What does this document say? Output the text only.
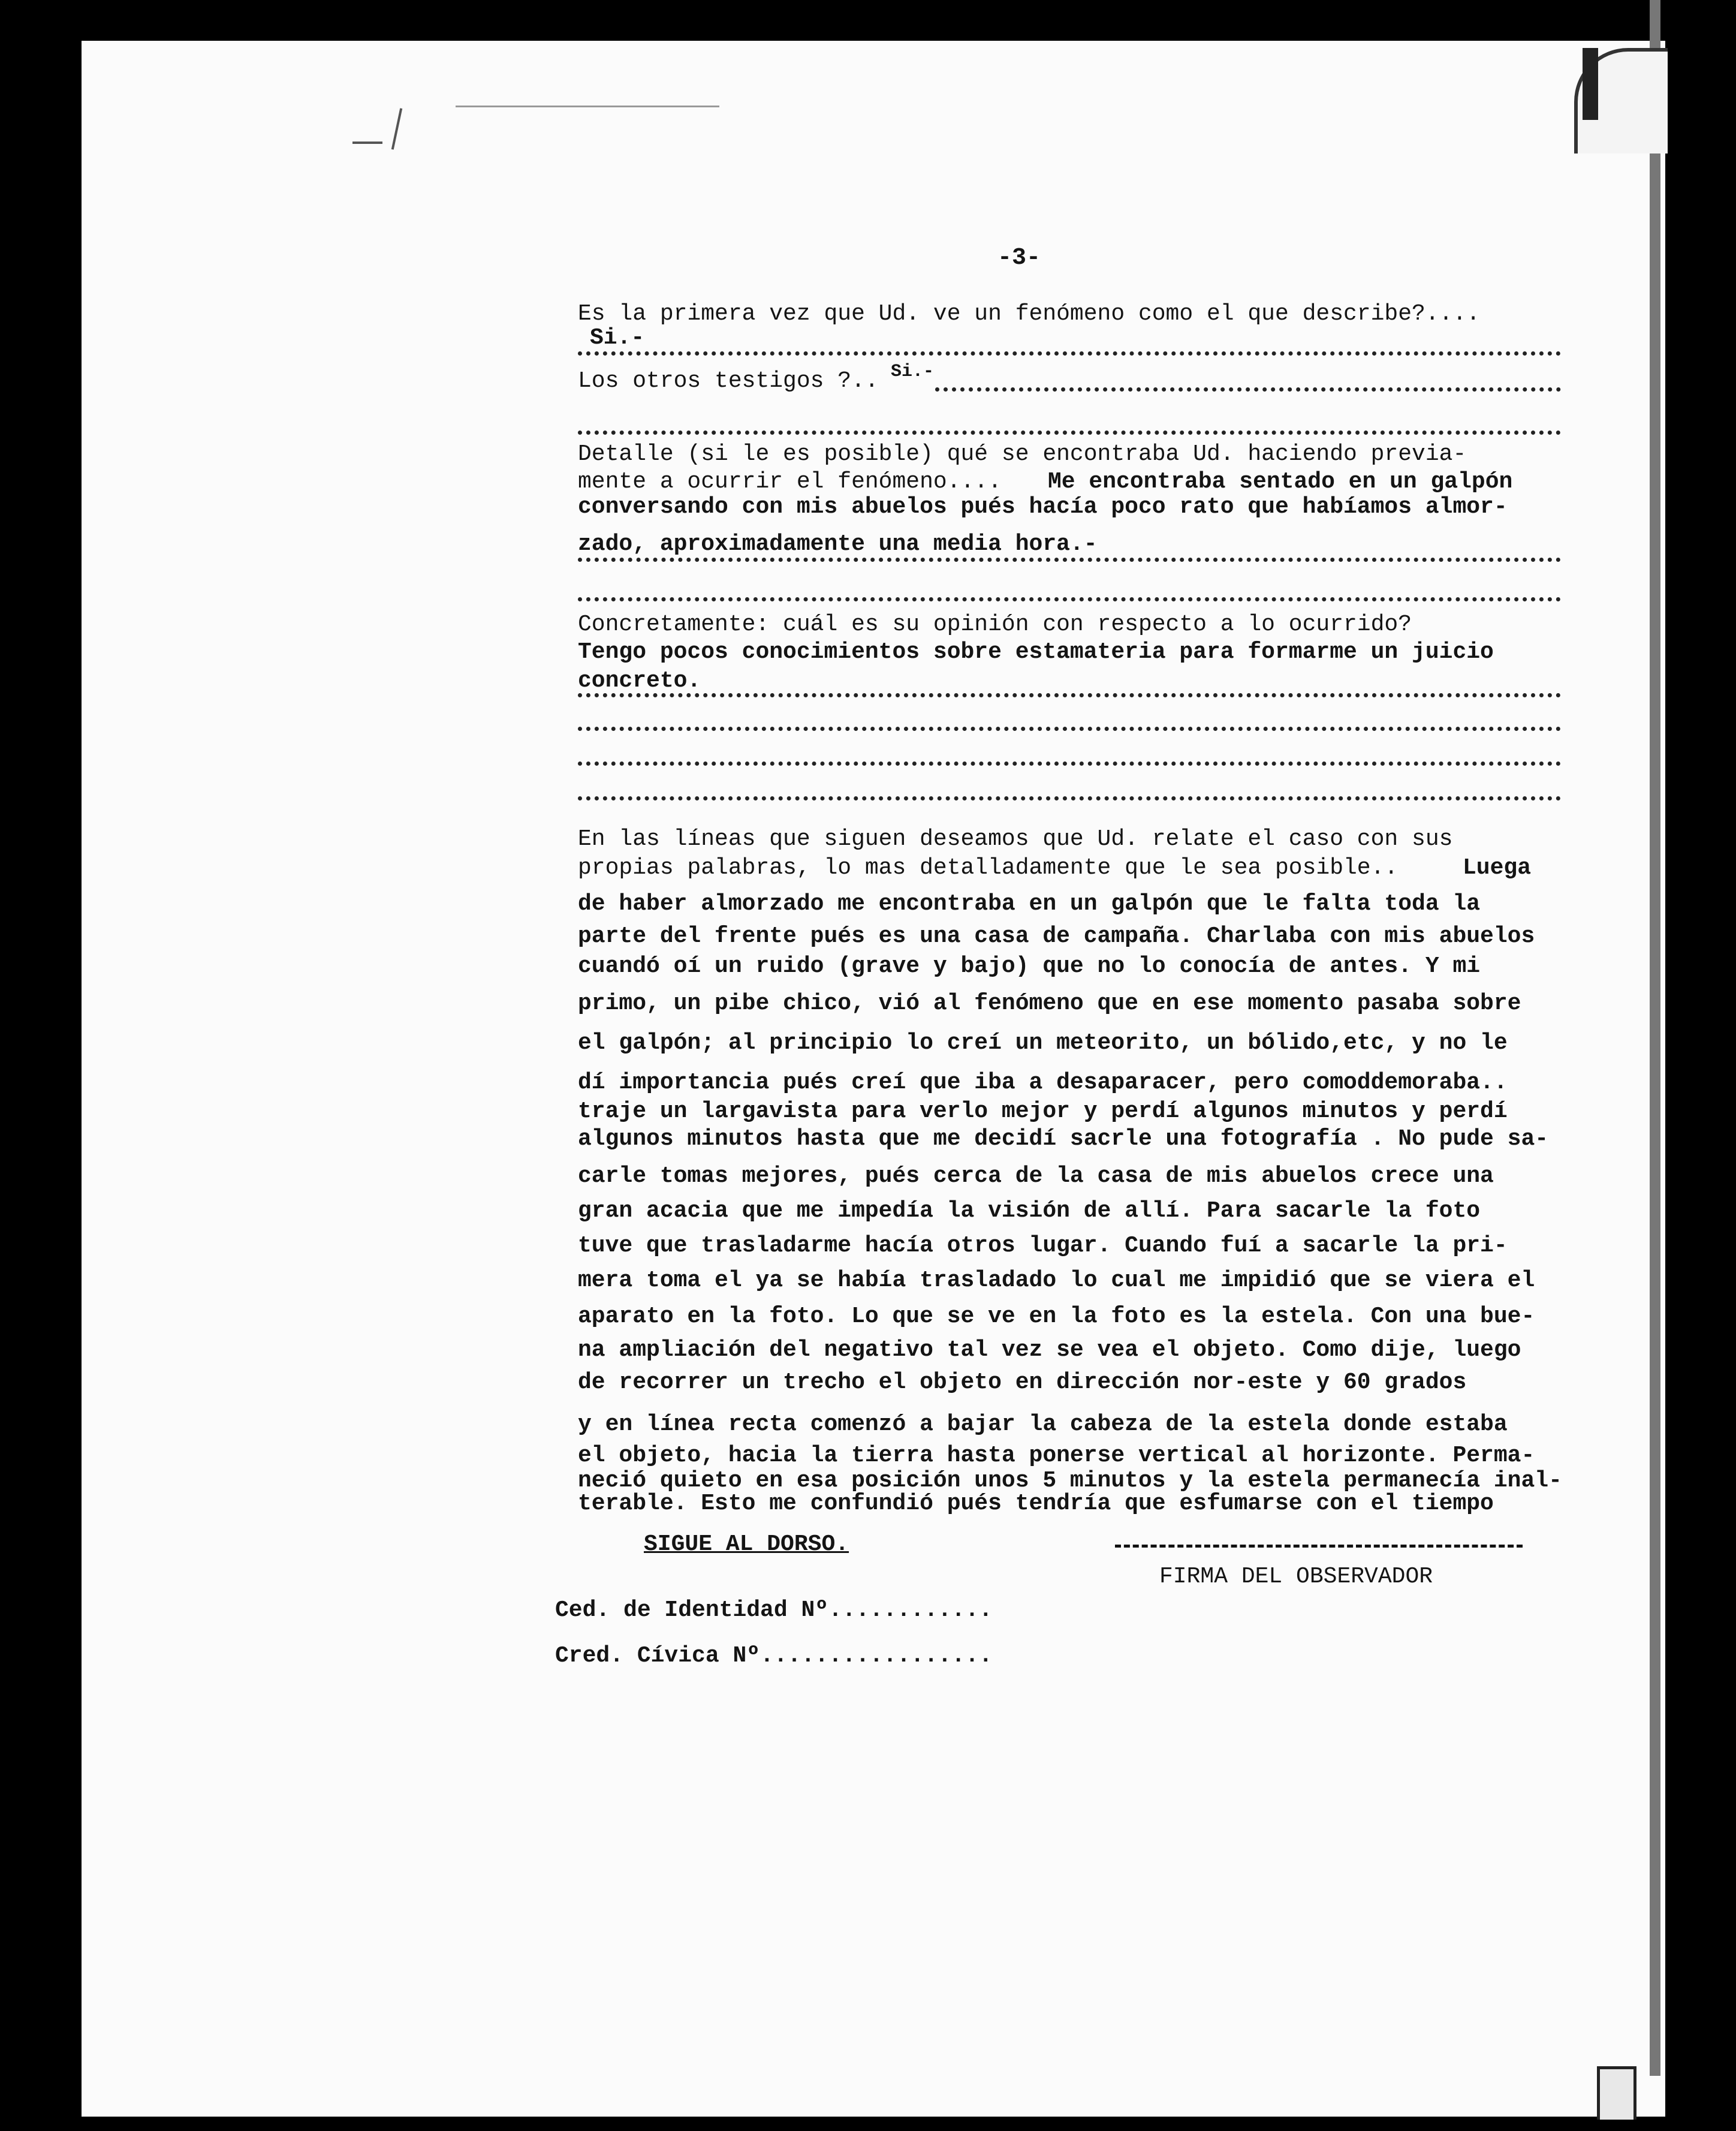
-3-
Es la primera vez que Ud. ve un fenómeno como el que describe?....
Si.-
Los otros testigos ?.. Si.-
Detalle (si le es posible) qué se encontraba Ud. haciendo previa-
mente a ocurrir el fenómeno.... Me encontraba sentado en un galpón
conversando con mis abuelos pués hacía poco rato que habíamos almor-
zado, aproximadamente una media hora.-
Concretamente: cuál es su opinión con respecto a lo ocurrido?
Tengo pocos conocimientos sobre estamateria para formarme un juicio
concreto.
En las líneas que siguen deseamos que Ud. relate el caso con sus
propias palabras, lo mas detalladamente que le sea posible..	Luega
de haber almorzado me encontraba en un galpón que le falta toda la
parte del frente pués es una casa de campaña. Charlaba con mis abuelos
cuandó oí un ruido (grave y bajo) que no lo conocía de antes. Y mi
primo, un pibe chico, vió al fenómeno que en ese momento pasaba sobre
el galpón; al principio lo creí un meteorito, un bólido,etc, y no le
dí importancia pués creí que iba a desaparacer, pero comoddemoraba..
traje un largavista para verlo mejor y perdí algunos minutos y perdí
algunos minutos hasta que me decidí sacrle una fotografía . No pude sa-
carle tomas mejores, pués cerca de la casa de mis abuelos crece una
gran acacia que me impedía la visión de allí. Para sacarle la foto
tuve que trasladarme hacía otros lugar. Cuando fuí a sacarle la pri-
mera toma el ya se había trasladado lo cual me impidió que se viera el
aparato en la foto. Lo que se ve en la foto es la estela. Con una bue-
na ampliación del negativo tal vez se vea el objeto. Como dije, luego
de recorrer un trecho el objeto en dirección nor-este y 60 grados
y en línea recta comenzó a bajar la cabeza de la estela donde estaba
el objeto, hacia la tierra hasta ponerse vertical al horizonte. Perma-
neció quieto en esa posición unos 5 minutos y la estela permanecía inal-
terable. Esto me confundió pués tendría que esfumarse con el tiempo
SIGUE AL DORSO.
FIRMA DEL OBSERVADOR
Ced. de Identidad Nº............
Cred. Cívica Nº.................
